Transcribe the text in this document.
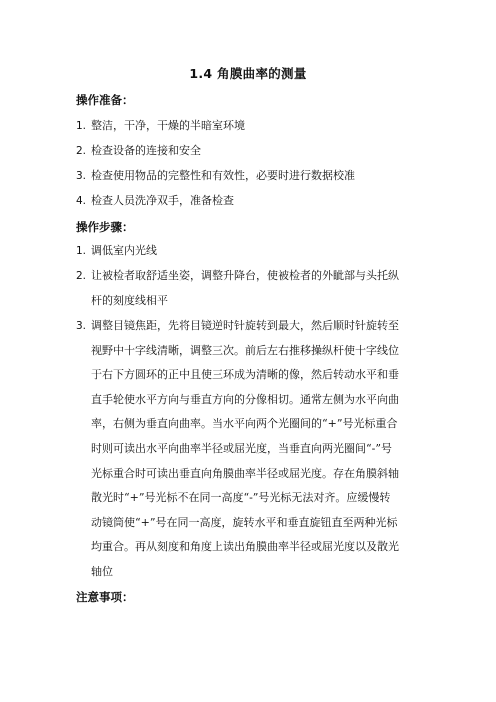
1.4 角膜曲率的测量
操作准备：
1. 整洁，干净，干燥的半暗室环境
2. 检查设备的连接和安全
3. 检查使用物品的完整性和有效性，必要时进行数据校准
4. 检查人员洗净双手，准备检查
操作步骤：
1. 调低室内光线
2. 让被检者取舒适坐姿，调整升降台，使被检者的外眦部与头托纵
杆的刻度线相平
3. 调整目镜焦距，先将目镜逆时针旋转到最大，然后顺时针旋转至
视野中十字线清晰，调整三次。前后左右推移操纵杆使十字线位
于右下方圆环的正中且使三环成为清晰的像，然后转动水平和垂
直手轮使水平方向与垂直方向的分像相切。通常左侧为水平向曲
率，右侧为垂直向曲率。当水平向两个光圈间的“+”号光标重合
时则可读出水平向曲率半径或屈光度，当垂直向两光圈间“-”号
光标重合时可读出垂直向角膜曲率半径或屈光度。存在角膜斜轴
散光时“+”号光标不在同一高度“-”号光标无法对齐。应缓慢转
动镜筒使“+”号在同一高度，旋转水平和垂直旋钮直至两种光标
均重合。再从刻度和角度上读出角膜曲率半径或屈光度以及散光
轴位
注意事项：
